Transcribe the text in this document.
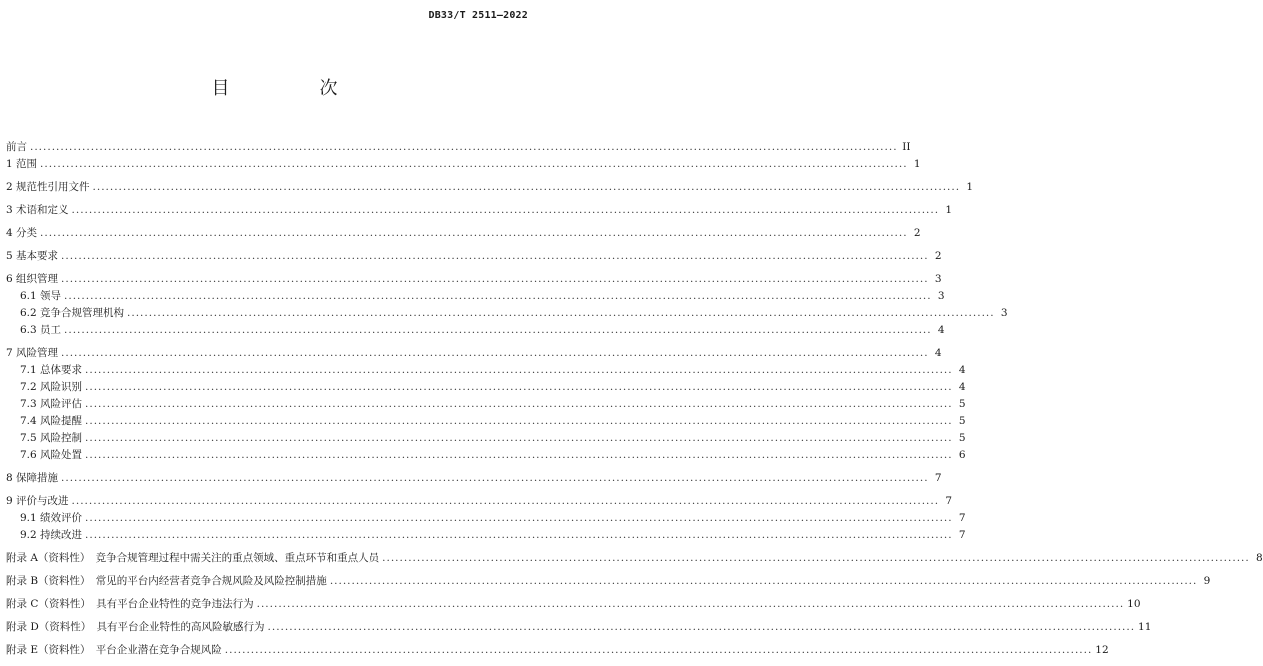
DB33/T 2511—2022
目　次
前言 ........................................................................................................................................................................................................ II
1 范围 ........................................................................................................................................................................................................ 1
2 规范性引用文件 ........................................................................................................................................................................................................ 1
3 术语和定义 ........................................................................................................................................................................................................ 1
4 分类 ........................................................................................................................................................................................................ 2
5 基本要求 ........................................................................................................................................................................................................ 2
6 组织管理 ........................................................................................................................................................................................................ 3
6.1 领导 ........................................................................................................................................................................................................ 3
6.2 竞争合规管理机构 ........................................................................................................................................................................................................ 3
6.3 员工 ........................................................................................................................................................................................................ 4
7 风险管理 ........................................................................................................................................................................................................ 4
7.1 总体要求 ........................................................................................................................................................................................................ 4
7.2 风险识别 ........................................................................................................................................................................................................ 4
7.3 风险评估 ........................................................................................................................................................................................................ 5
7.4 风险提醒 ........................................................................................................................................................................................................ 5
7.5 风险控制 ........................................................................................................................................................................................................ 5
7.6 风险处置 ........................................................................................................................................................................................................ 6
8 保障措施 ........................................................................................................................................................................................................ 7
9 评价与改进 ........................................................................................................................................................................................................ 7
9.1 绩效评价 ........................................................................................................................................................................................................ 7
9.2 持续改进 ........................................................................................................................................................................................................ 7
附录 A（资料性）　竞争合规管理过程中需关注的重点领域、重点环节和重点人员 ........................................................................................................................................................................................................ 8
附录 B（资料性）　常见的平台内经营者竞争合规风险及风险控制措施 ........................................................................................................................................................................................................ 9
附录 C（资料性）　具有平台企业特性的竞争违法行为 ........................................................................................................................................................................................................ 10
附录 D（资料性）　具有平台企业特性的高风险敏感行为 ........................................................................................................................................................................................................ 11
附录 E（资料性）　平台企业潜在竞争合规风险 ........................................................................................................................................................................................................ 12
